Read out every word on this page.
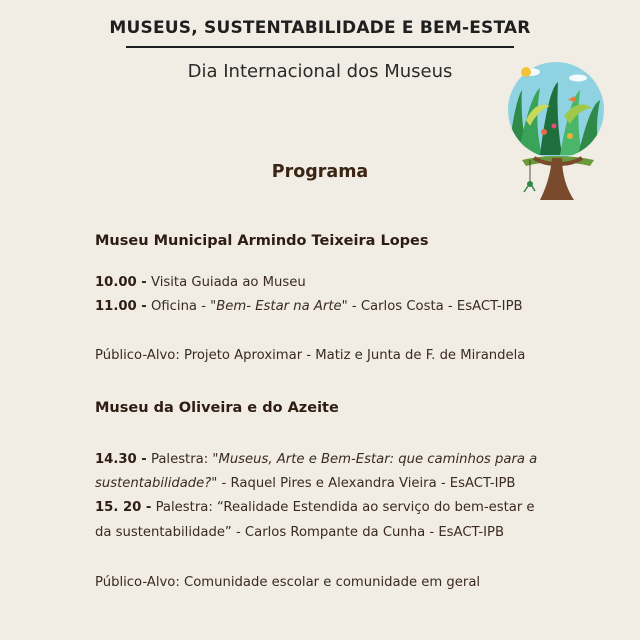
MUSEUS, SUSTENTABILIDADE E BEM-ESTAR
Dia Internacional dos Museus
Programa
Museu Municipal Armindo Teixeira Lopes
10.00 - Visita Guiada ao Museu
11.00 - Oficina - "Bem- Estar na Arte" - Carlos Costa - EsACT-IPB
Público-Alvo: Projeto Aproximar - Matiz e Junta de F. de Mirandela
Museu da Oliveira e do Azeite
14.30 - Palestra: "Museus, Arte e Bem-Estar: que caminhos para a
sustentabilidade?" - Raquel Pires e Alexandra Vieira - EsACT-IPB
15. 20 - Palestra: “Realidade Estendida ao serviço do bem-estar e
da sustentabilidade” - Carlos Rompante da Cunha - EsACT-IPB
Público-Alvo: Comunidade escolar e comunidade em geral
